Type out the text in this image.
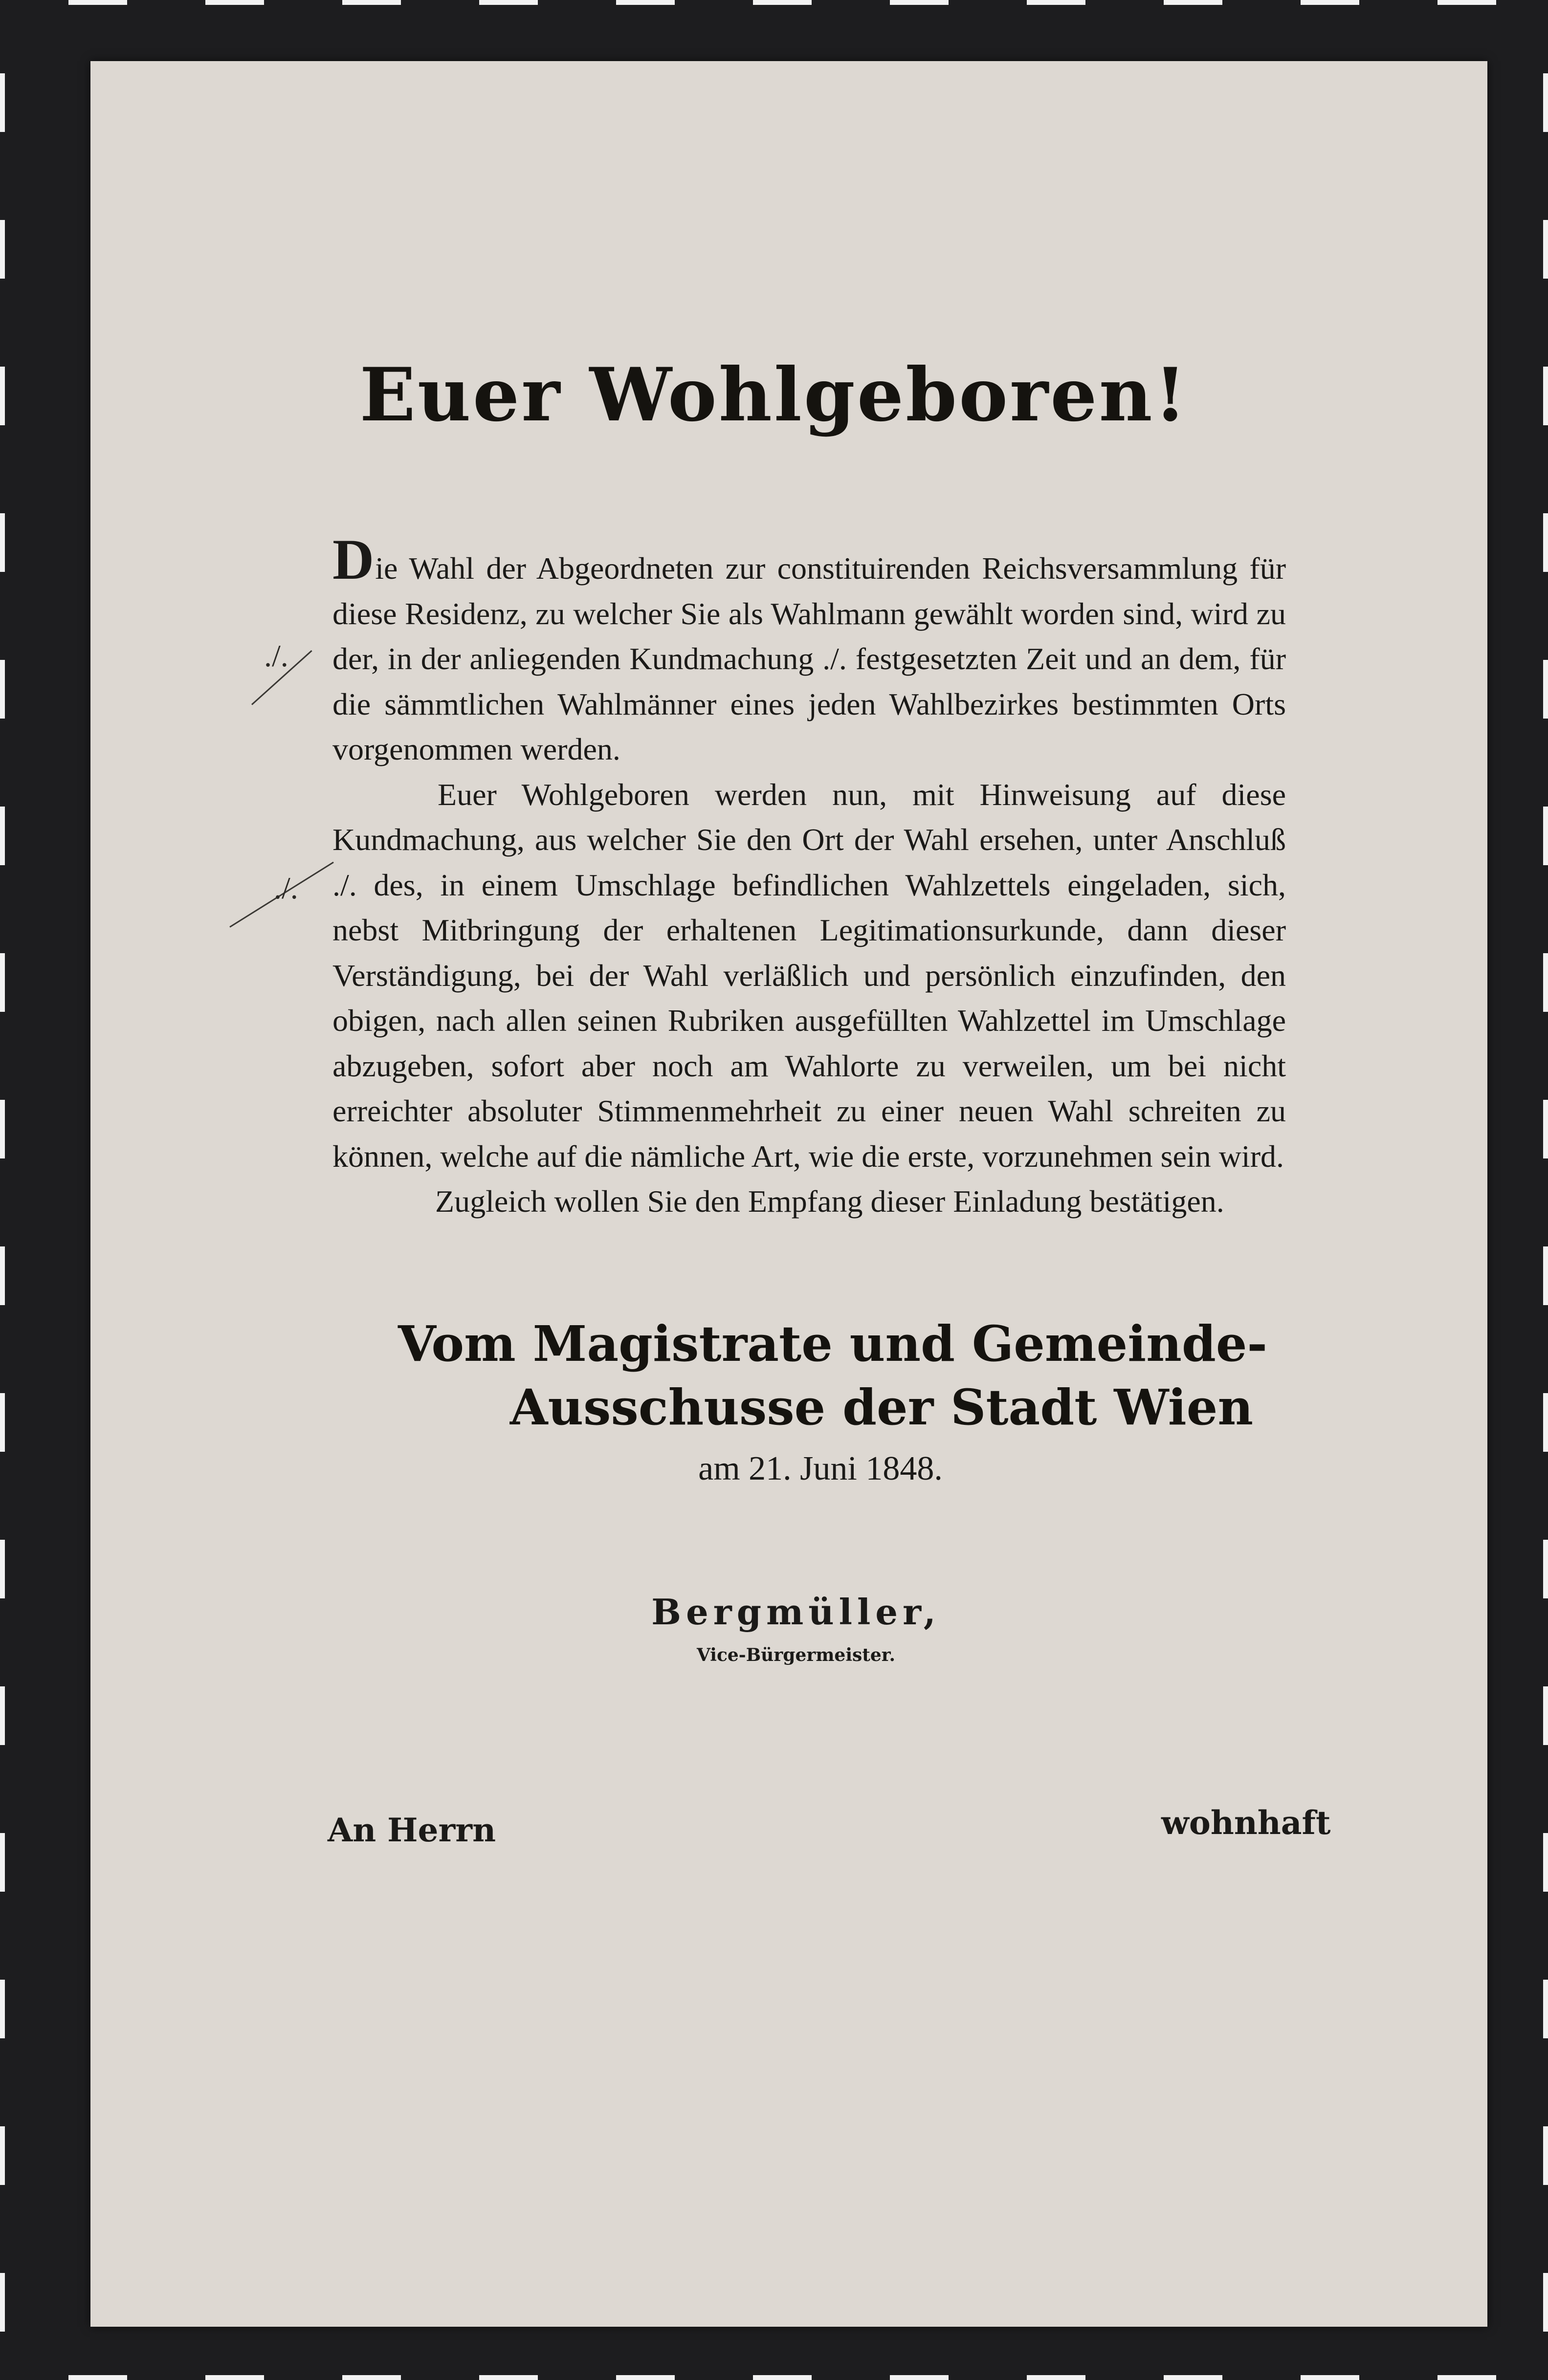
Euer Wohlgeboren!
./.
./.

Die Wahl der Abgeordneten zur constituirenden Reichsversammlung für diese Residenz, zu welcher Sie als Wahlmann gewählt worden sind, wird zu der, in der anliegenden Kundmachung ./. festgesetzten Zeit und an dem, für die sämmtlichen Wahlmänner eines jeden Wahlbezirkes bestimmten Orts vorgenommen werden.

Euer Wohlgeboren werden nun, mit Hinweisung auf diese Kundmachung, aus welcher Sie den Ort der Wahl ersehen, unter Anschluß ./. des, in einem Umschlage befindlichen Wahlzettels eingeladen, sich, nebst Mitbringung der erhaltenen Legitimationsurkunde, dann dieser Verständigung, bei der Wahl verläßlich und persönlich einzufinden, den obigen, nach allen seinen Rubriken ausgefüllten Wahlzettel im Umschlage abzugeben, sofort aber noch am Wahlorte zu verweilen, um bei nicht erreichter absoluter Stimmenmehrheit zu einer neuen Wahl schreiten zu können, welche auf die nämliche Art, wie die erste, vorzunehmen sein wird.

Zugleich wollen Sie den Empfang dieser Einladung bestätigen.

Vom Magistrate und Gemeinde-
Ausschusse der Stadt Wien
am 21. Juni 1848.
Bergmüller,
Vice-Bürgermeister.
An Herrn	wohnhaft
